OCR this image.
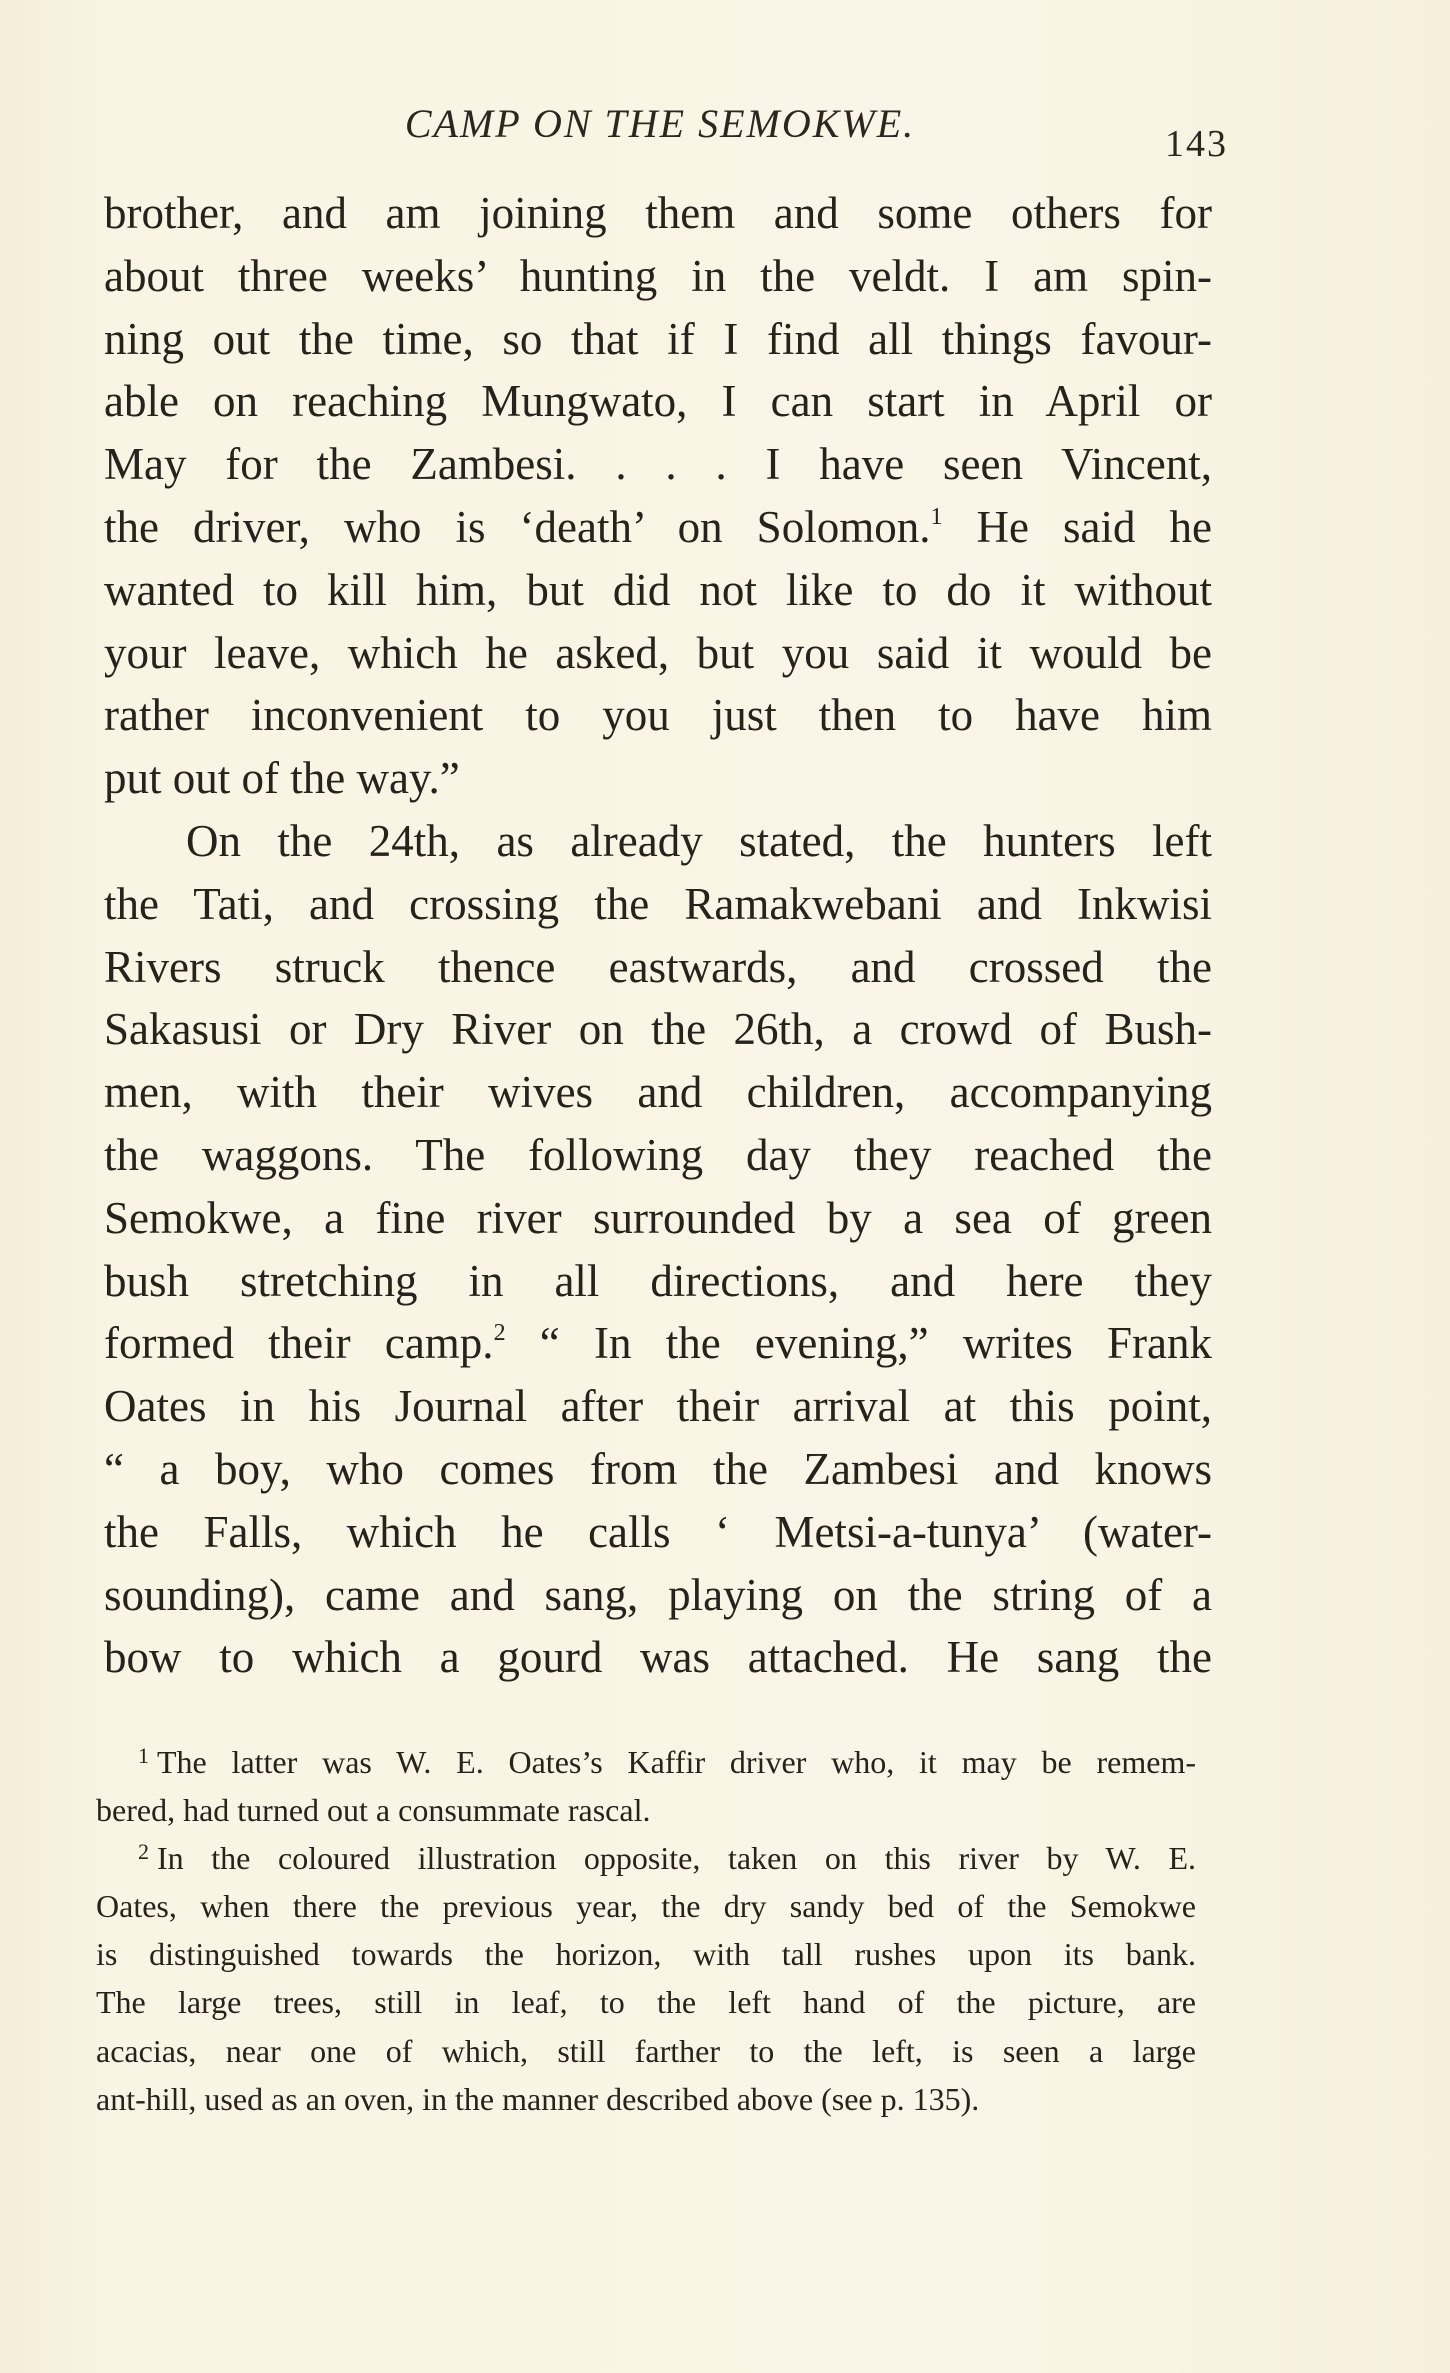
CAMP ON THE SEMOKWE.	143
brother, and am joining them and some others for
about three weeks’ hunting in the veldt. I am spin-
ning out the time, so that if I find all things favour-
able on reaching Mungwato, I can start in April or
May for the Zambesi. . . . I have seen Vincent,
the driver, who is ‘death’ on Solomon.$^1$ He said he
wanted to kill him, but did not like to do it without
your leave, which he asked, but you said it would be
rather inconvenient to you just then to have him
put out of the way.”
On the 24th, as already stated, the hunters left
the Tati, and crossing the Ramakwebani and Inkwisi
Rivers struck thence eastwards, and crossed the
Sakasusi or Dry River on the 26th, a crowd of Bush-
men, with their wives and children, accompanying
the waggons. The following day they reached the
Semokwe, a fine river surrounded by a sea of green
bush stretching in all directions, and here they
formed their camp.$^2$ “ In the evening,” writes Frank
Oates in his Journal after their arrival at this point,
“ a boy, who comes from the Zambesi and knows
the Falls, which he calls ‘ Metsi-a-tunya’ (water-
sounding), came and sang, playing on the string of a
bow to which a gourd was attached. He sang the
$^1$ The latter was W. E. Oates’s Kaffir driver who, it may be remem-
bered, had turned out a consummate rascal.
$^2$ In the coloured illustration opposite, taken on this river by W. E.
Oates, when there the previous year, the dry sandy bed of the Semokwe
is distinguished towards the horizon, with tall rushes upon its bank.
The large trees, still in leaf, to the left hand of the picture, are
acacias, near one of which, still farther to the left, is seen a large
ant-hill, used as an oven, in the manner described above (see p. 135).
